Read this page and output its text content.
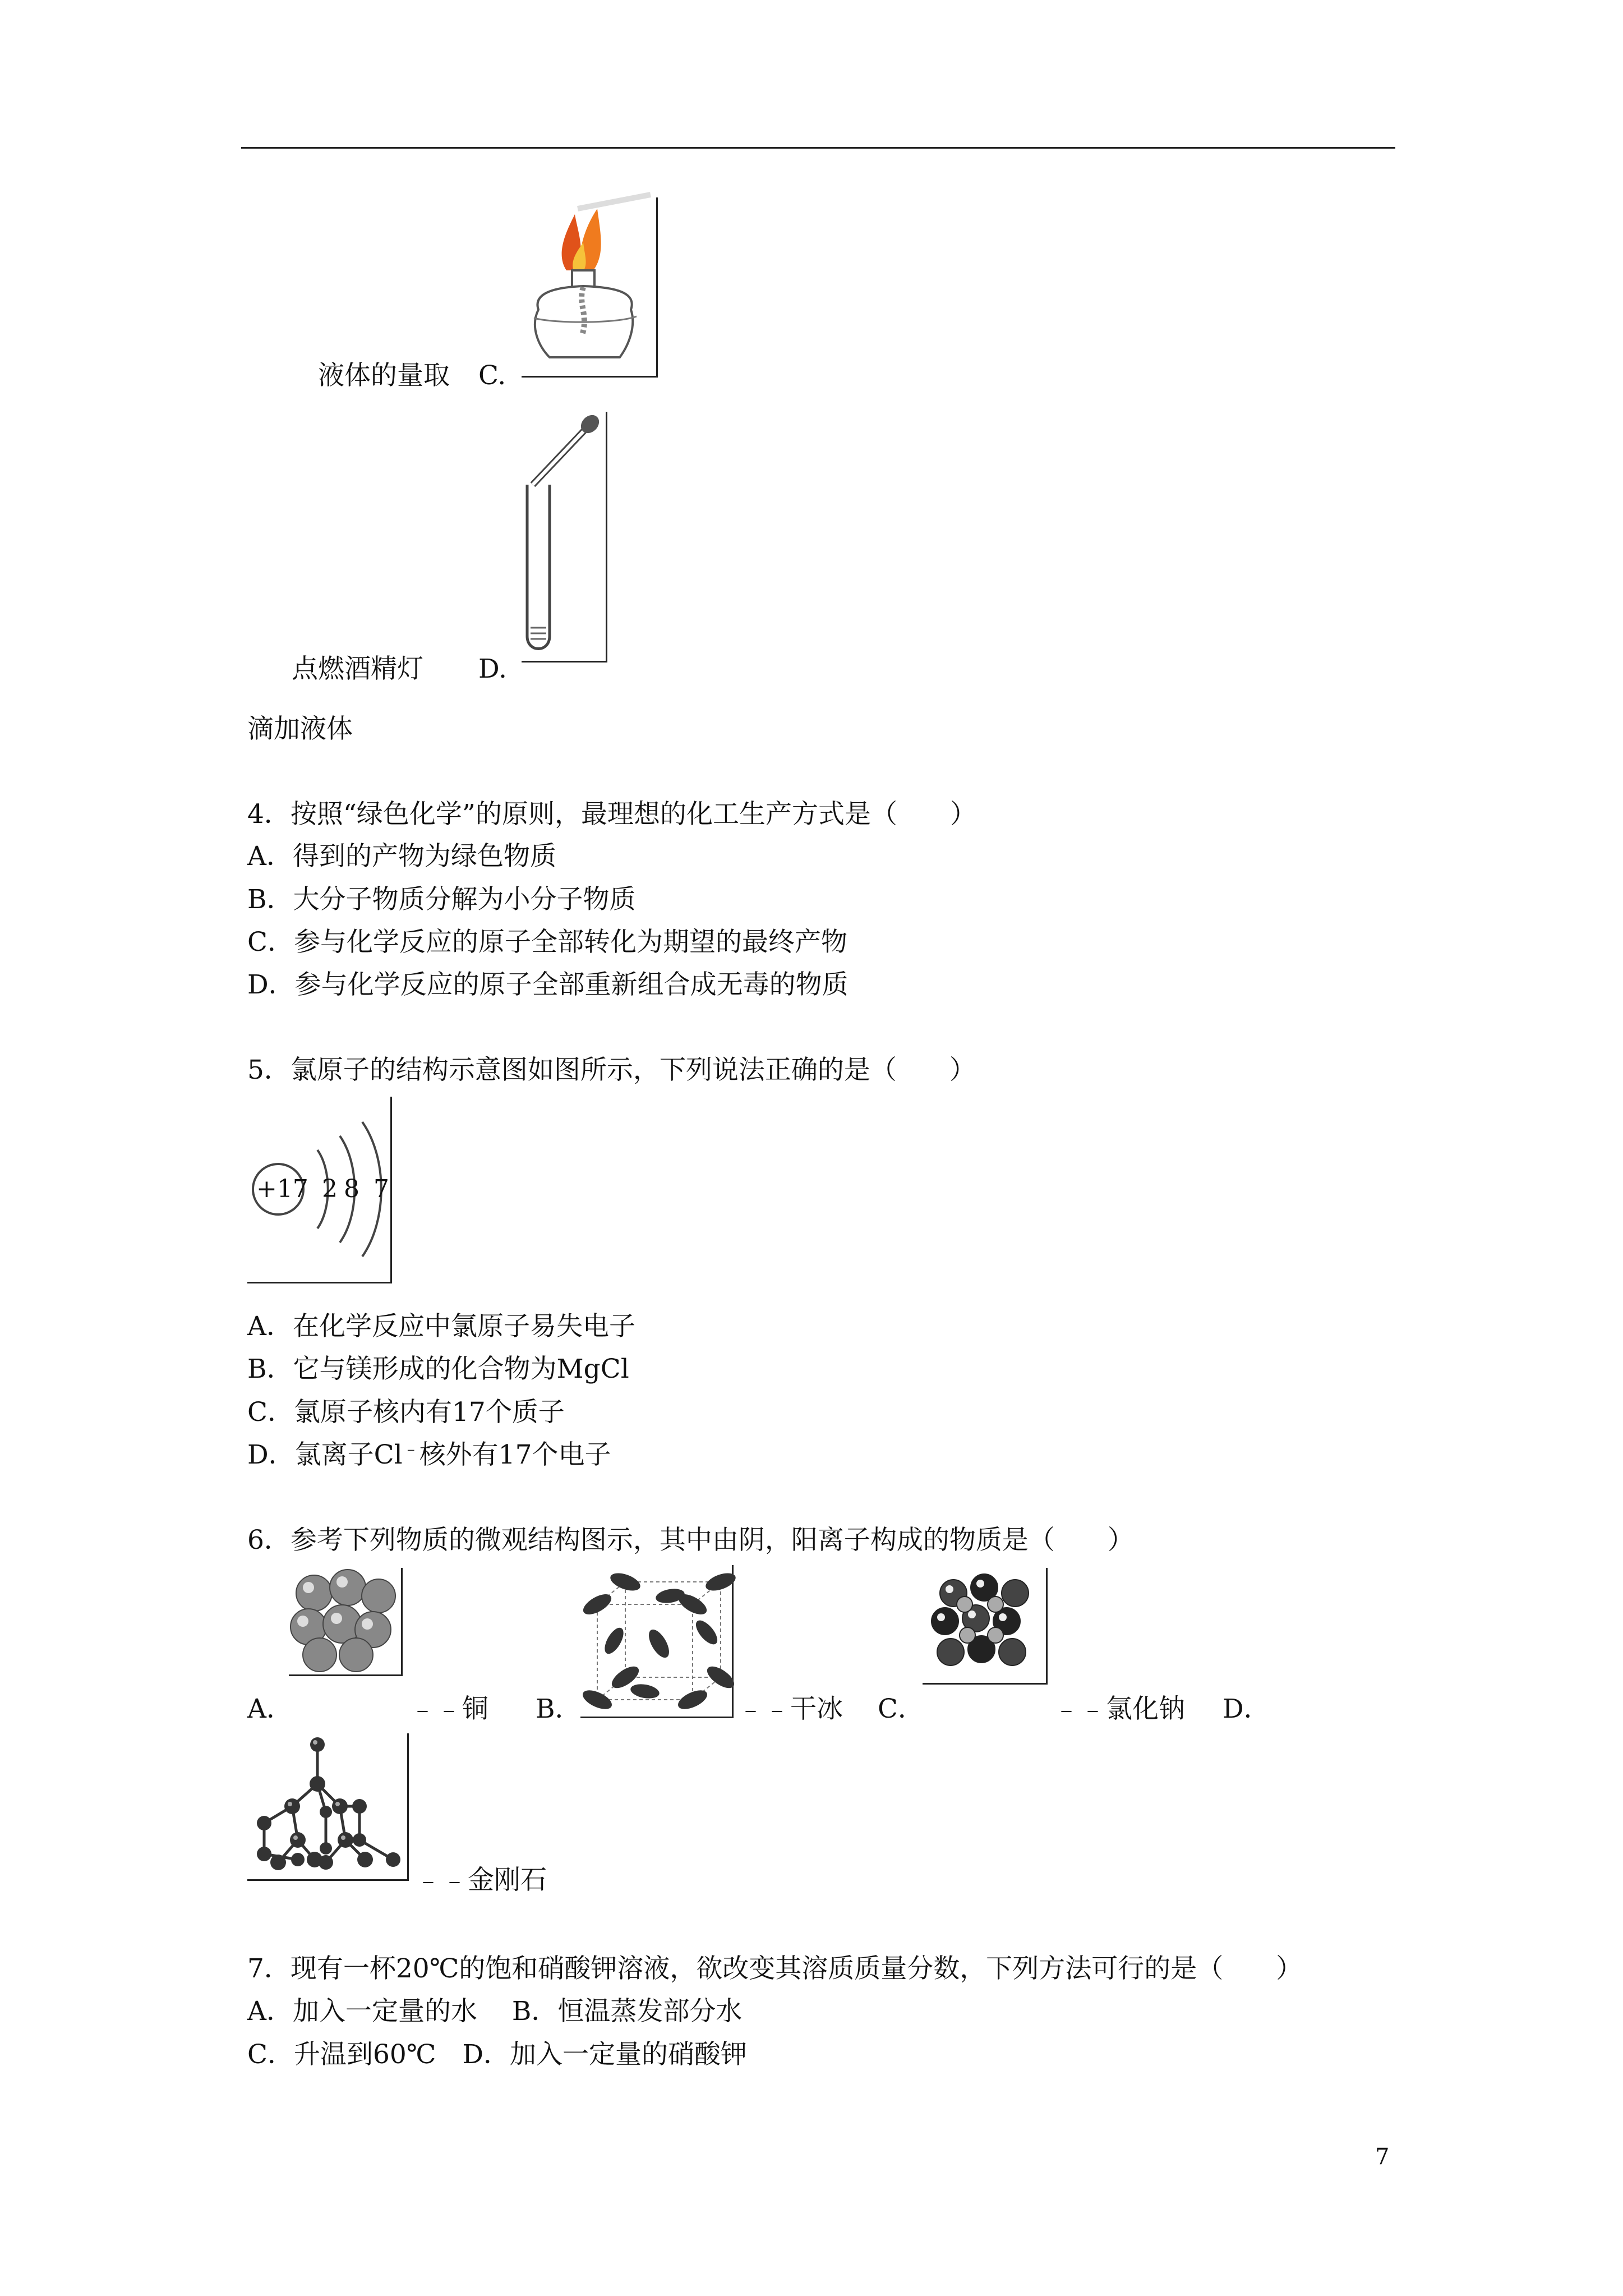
液体的量取 C.
点燃酒精灯 D.
滴加液体
4．按照“绿色化学”的原则，最理想的化工生产方式是（　　）
A．得到的产物为绿色物质
B．大分子物质分解为小分子物质
C．参与化学反应的原子全部转化为期望的最终产物
D．参与化学反应的原子全部重新组合成无毒的物质
5．氯原子的结构示意图如图所示，下列说法正确的是（　　）
+17 2 8 7
A．在化学反应中氯原子易失电子
B．它与镁形成的化合物为MgCl
C．氯原子核内有17个质子
D．氯离子Cl﹣核外有17个电子
6．参考下列物质的微观结构图示，其中由阴，阳离子构成的物质是（　　）
A．	﹣﹣铜 B．	﹣﹣干冰 C．	﹣﹣氯化钠 D．
﹣﹣金刚石
7．现有一杯20℃的饱和硝酸钾溶液，欲改变其溶质质量分数，下列方法可行的是（　　）
A．加入一定量的水　 B．恒温蒸发部分水
C．升温到60℃　D．加入一定量的硝酸钾
7
